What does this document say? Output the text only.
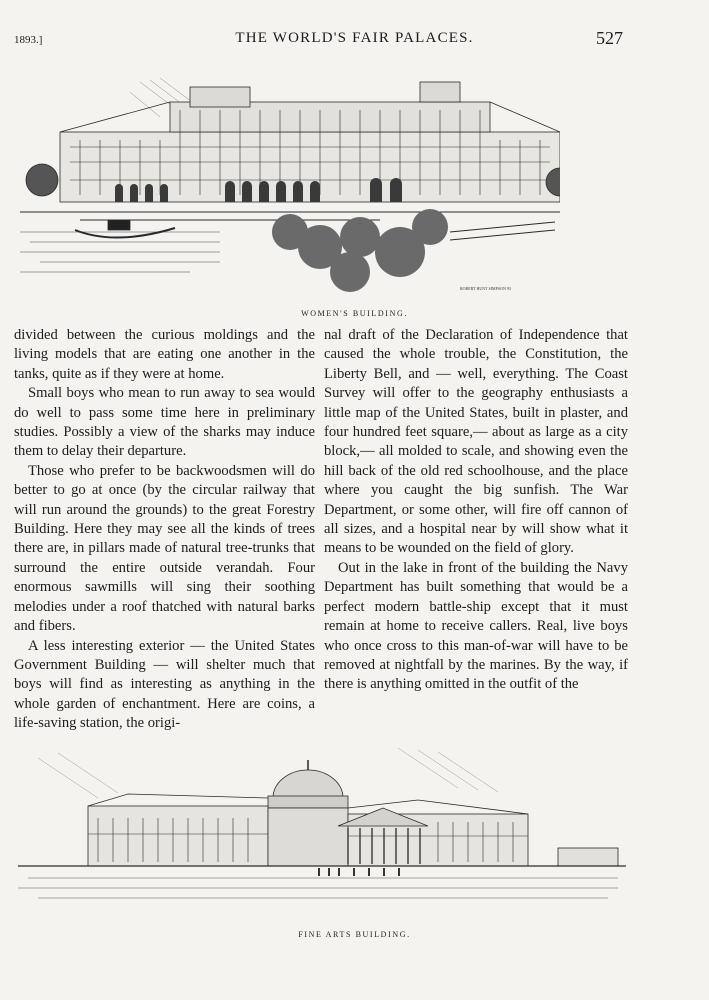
1893.]	THE WORLD'S FAIR PALACES.	527
ROBERT HUNT SIMPSON 93
WOMEN'S BUILDING.

divided between the curious moldings and the living models that are eating one another in the tanks, quite as if they were at home.

Small boys who mean to run away to sea would do well to pass some time here in preliminary studies. Possibly a view of the sharks may induce them to delay their departure.

Those who prefer to be backwoodsmen will do better to go at once (by the circular railway that will run around the grounds) to the great Forestry Building. Here they may see all the kinds of trees there are, in pillars made of natural tree-trunks that surround the entire outside verandah. Four enormous sawmills will sing their soothing melodies under a roof thatched with natural barks and fibers.

A less interesting exterior — the United States Government Building — will shelter much that boys will find as interesting as anything in the whole garden of enchantment. Here are coins, a life-saving station, the origi-

nal draft of the Declaration of Independence that caused the whole trouble, the Constitution, the Liberty Bell, and — well, everything. The Coast Survey will offer to the geography enthusiasts a little map of the United States, built in plaster, and four hundred feet square,— about as large as a city block,— all molded to scale, and showing even the hill back of the old red schoolhouse, and the place where you caught the big sunfish. The War Department, or some other, will fire off cannon of all sizes, and a hospital near by will show what it means to be wounded on the field of glory.

Out in the lake in front of the building the Navy Department has built something that would be a perfect modern battle-ship except that it must remain at home to receive callers. Real, live boys who once cross to this man-of-war will have to be removed at nightfall by the marines. By the way, if there is anything omitted in the outfit of the

FINE ARTS BUILDING.
